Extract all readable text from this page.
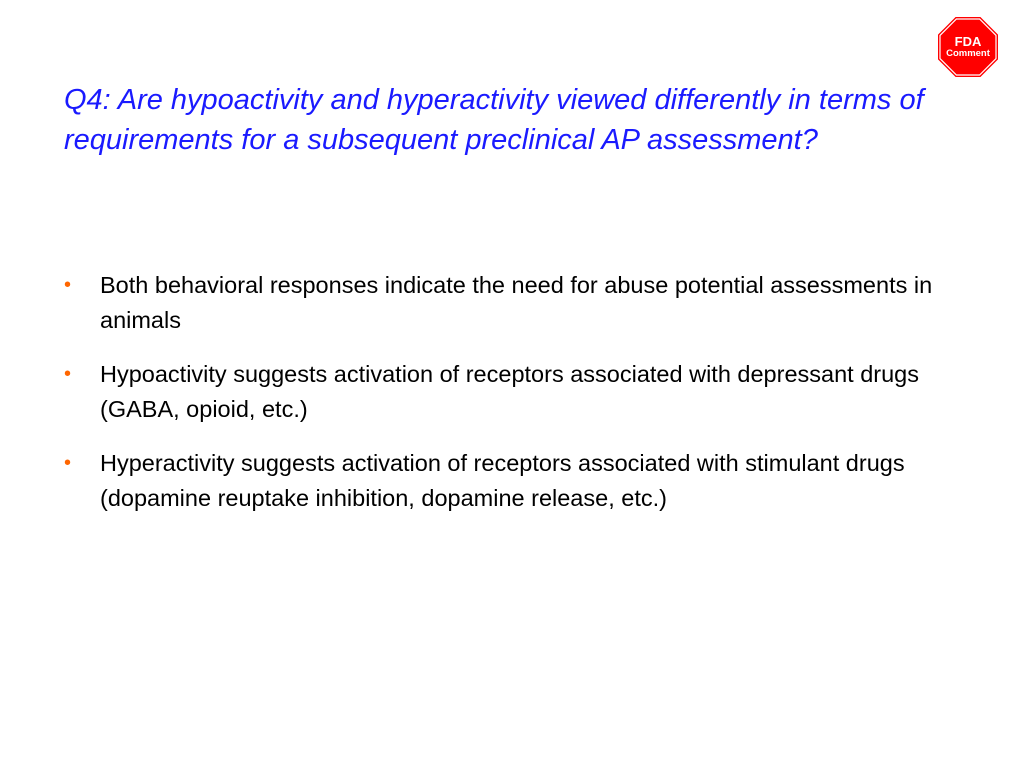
FDA
Comment
Q4: Are hypoactivity and hyperactivity viewed differently in terms of requirements for a subsequent preclinical AP assessment?
• Both behavioral responses indicate the need for abuse potential assessments in animals
• Hypoactivity suggests activation of receptors associated with depressant drugs (GABA, opioid, etc.)
• Hyperactivity suggests activation of receptors associated with stimulant drugs (dopamine reuptake inhibition, dopamine release, etc.)
